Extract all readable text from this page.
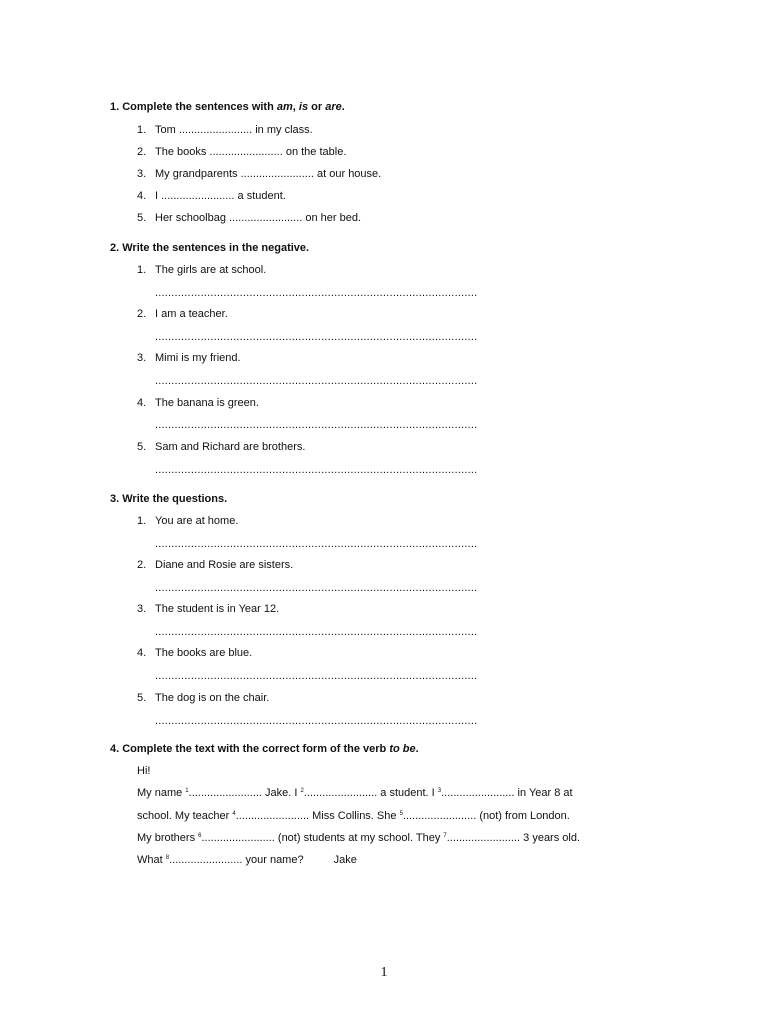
1. Complete the sentences with am, is or are.
1. Tom ........................ in my class.
2. The books ........................ on the table.
3. My grandparents ........................ at our house.
4. I ........................ a student.
5. Her schoolbag ........................ on her bed.
2. Write the sentences in the negative.
1. The girls are at school.
...................................................................................................
2. I am a teacher.
...................................................................................................
3. Mimi is my friend.
...................................................................................................
4. The banana is green.
...................................................................................................
5. Sam and Richard are brothers.
...................................................................................................
3. Write the questions.
1. You are at home.
...................................................................................................
2. Diane and Rosie are sisters.
...................................................................................................
3. The student is in Year 12.
...................................................................................................
4. The books are blue.
...................................................................................................
5. The dog is on the chair.
...................................................................................................
4. Complete the text with the correct form of the verb to be.
Hi!
My name $^1$........................ Jake. I $^2$........................ a student. I $^3$........................ in Year 8 at
school. My teacher $^4$........................ Miss Collins. She $^5$........................ (not) from London.
My brothers $^6$........................ (not) students at my school. They $^7$........................ 3 years old.
What $^8$........................ your name?	Jake
1
